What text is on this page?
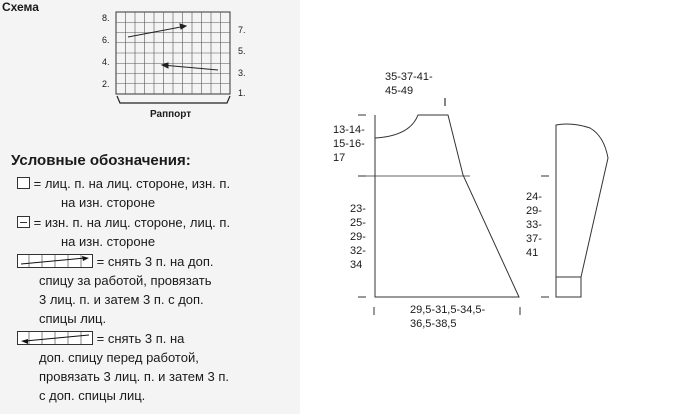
Схема
8.
6.
4.
2.
7.
5.
3.
1.
Раппорт
Условные обозначения:
= лиц. п. на лиц. стороне, изн. п.
на изн. стороне
= изн. п. на лиц. стороне, лиц. п.
на изн. стороне
= снять 3 п. на доп.
спицу за работой, провязать
3 лиц. п. и затем 3 п. с доп.
спицы лиц.
= снять 3 п. на
доп. спицу перед работой,
провязать 3 лиц. п. и затем 3 п.
с доп. спицы лиц.
35-37-41-
45-49
13-14-
15-16-
17
23-
25-
29-
32-
34
29,5-31,5-34,5-
36,5-38,5
24-
29-
33-
37-
41
